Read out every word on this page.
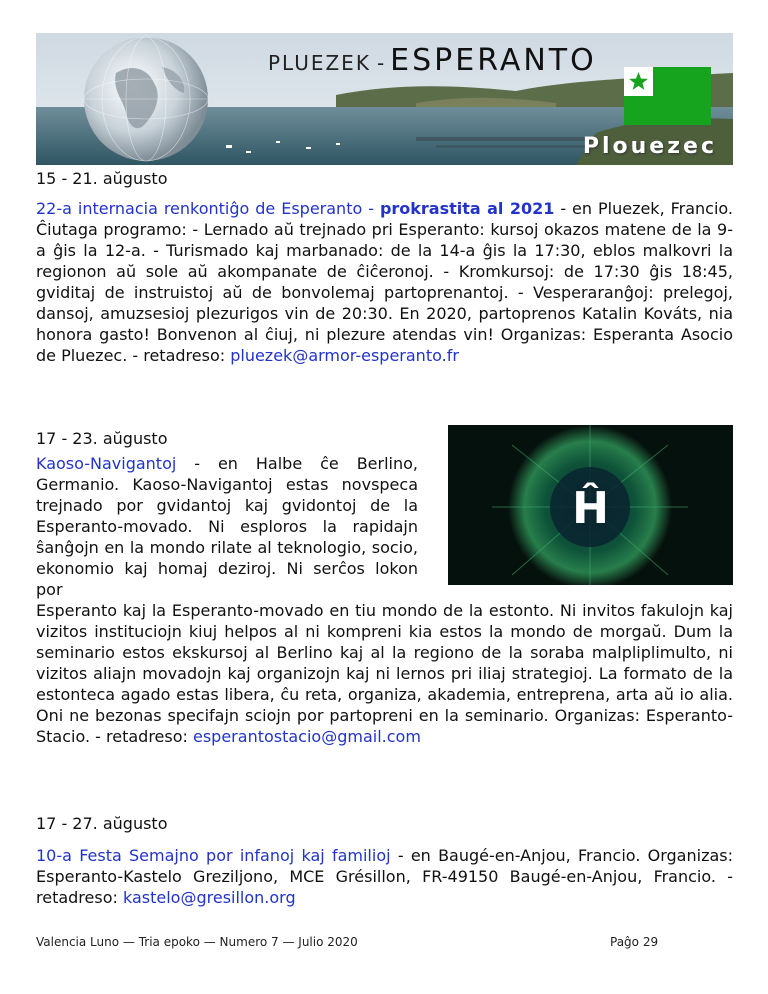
PLUEZEK - ESPERANTO
Plouezec
15 - 21. aŭgusto
22-a internacia renkontiĝo de Esperanto - prokrastita al 2021 - en Pluezek, Francio. Ĉiutaga programo: - Lernado aŭ trejnado pri Esperanto: kursoj okazos matene de la 9-a ĝis la 12-a. - Turismado kaj marbanado: de la 14-a ĝis la 17:30, eblos malkovri la regionon aŭ sole aŭ akompanate de ĉiĉeronoj. - Kromkursoj: de 17:30 ĝis 18:45, gviditaj de instruistoj aŭ de bonvolemaj partoprenantoj. - Vesperaranĝoj: prelegoj, dansoj, amuzsesioj plezurigos vin de 20:30. En 2020, partoprenos Katalin Kováts, nia honora gasto! Bonvenon al ĉiuj, ni plezure atendas vin! Organizas: Esperanta Asocio de Pluezec. - retadreso: pluezek@armor-esperanto.fr
17 - 23. aŭgusto
Ĥ
Kaoso-Navigantoj - en Halbe ĉe Berlino, Germanio. Kaoso-Navigantoj estas novspeca trejnado por gvidantoj kaj gvidontoj de la Esperanto-movado. Ni esploros la rapidajn ŝanĝojn en la mondo rilate al teknologio, socio, ekonomio kaj homaj deziroj. Ni serĉos lokon por
Esperanto kaj la Esperanto-movado en tiu mondo de la estonto. Ni invitos fakulojn kaj vizitos instituciojn kiuj helpos al ni kompreni kia estos la mondo de morgaŭ. Dum la seminario estos ekskursoj al Berlino kaj al la regiono de la soraba malpliplimulto, ni vizitos aliajn movadojn kaj organizojn kaj ni lernos pri iliaj strategioj. La formato de la estonteca agado estas libera, ĉu reta, organiza, akademia, entreprena, arta aŭ io alia. Oni ne bezonas specifajn sciojn por partopreni en la seminario. Organizas: Esperanto-Stacio. - retadreso: esperantostacio@gmail.com
17 - 27. aŭgusto
10-a Festa Semajno por infanoj kaj familioj - en Baugé-en-Anjou, Francio. Organizas: Esperanto-Kastelo Greziljono, MCE Grésillon, FR-49150 Baugé-en-Anjou, Francio. - retadreso: kastelo@gresillon.org
Valencia Luno — Tria epoko — Numero 7 — Julio 2020	Paĝo 29
